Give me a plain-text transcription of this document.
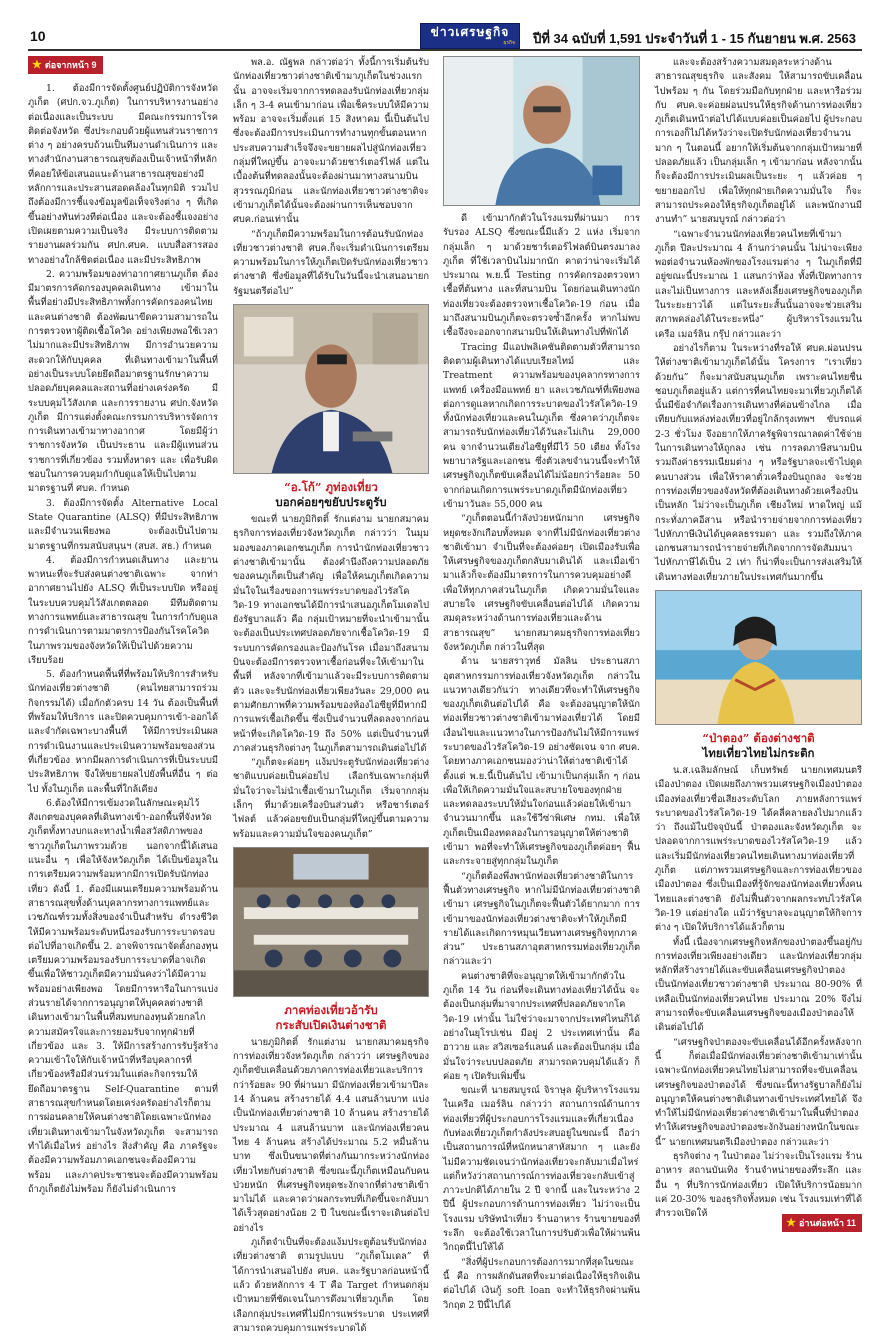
10	ข่าวเศรษฐกิจ
ธุรกิจ ปีที่ 34 ฉบับที่ 1,591 ประจำวันที่ 1 - 15 กันยายน พ.ศ. 2563
★ ต่อจากหน้า 9

1. ต้องมีการจัดตั้งศูนย์ปฏิบัติการจังหวัดภูเก็ต (ศปก.จว.ภูเก็ต) ในการบริหารงานอย่างต่อเนื่องและเป็นระบบ มีคณะกรรมการโรคติดต่อจังหวัด ซึ่งประกอบด้วยผู้แทนส่วนราชการต่าง ๆ อย่างครบถ้วนเป็นทีมงานดำเนินการ และทางสำนักงานสาธารณสุขต้องเป็นเจ้าหน้าที่หลักที่คอยให้ข้อเสนอแนะด้านสาธารณสุขอย่างมีหลักการและประสานสอดคล้องในทุกมิติ รวมไปถึงต้องมีการชี้แจงข้อมูลข้อเท็จจริงต่าง ๆ ที่เกิดขึ้นอย่างทันท่วงทีต่อเนื่อง และจะต้องชี้แจงอย่างเปิดเผยตามความเป็นจริง มีระบบการติดตามรายงานผลร่วมกัน ศปก.ศบค. แบบสื่อสารสองทางอย่างใกล้ชิดต่อเนื่อง และมีประสิทธิภาพ

2. ความพร้อมของท่าอากาศยานภูเก็ต ต้องมีมาตรการคัดกรองบุคคลเดินทาง เข้ามาในพื้นที่อย่างมีประสิทธิภาพทั้งการคัดกรองคนไทยและคนต่างชาติ ต้องพัฒนาขีดความสามารถในการตรวจหาผู้ติดเชื้อโควิด อย่างเพียงพอใช้เวลาไม่มากและมีประสิทธิภาพ มีการอำนวยความสะดวกให้กับบุคคล ที่เดินทางเข้ามาในพื้นที่อย่างเป็นระบบโดยยึดถือมาตรฐานรักษาความปลอดภัยบุคคลและสถานที่อย่างเคร่งครัด มีระบบคุมไว้สังเกต และการรายงาน ศปก.จังหวัดภูเก็ต มีการแต่งตั้งคณะกรรมการบริหารจัดการการเดินทางเข้ามาทางอากาศ โดยมีผู้ว่าราชการจังหวัด เป็นประธาน และมีผู้แทนส่วนราชการที่เกี่ยวข้อง รวมทั้งหาดร และ เพื่อรับผิดชอบในการควบคุมกำกับดูแลให้เป็นไปตามมาตรฐานที่ ศบค. กำหนด

3. ต้องมีการจัดตั้ง Alternative Local State Quarantine (ALSQ) ที่มีประสิทธิภาพและมีจำนวนเพียงพอ จะต้องเป็นไปตามมาตรฐานที่กรมสนับสนุนฯ (สบส. สธ.) กำหนด

4. ต้องมีการกำหนดเส้นทาง และยานพาหนะที่จะรับส่งคนต่างชาติเฉพาะ จากท่าอากาศยานไปยัง ALSQ ที่เป็นระบบปิด หรืออยู่ในระบบควบคุมไว้สังเกตตลอด มีทีมติดตามทางการแพทย์และสาธารณสุข ในการกำกับดูแลการดำเนินการตามมาตรการป้องกันโรคโควิด ในภาพรวมของจังหวัดให้เป็นไปด้วยความเรียบร้อย

5. ต้องกำหนดพื้นที่ที่พร้อมให้บริการสำหรับนักท่องเที่ยวต่างชาติ (คนไทยสามารถร่วมกิจกรรมได้) เมื่อกักตัวครบ 14 วัน ต้องเป็นพื้นที่ที่พร้อมให้บริการ และปิดควบคุมการเข้า-ออกได้ และจำกัดเฉพาะบางพื้นที่ ให้มีการประเมินผลการดำเนินงานและประเมินความพร้อมของส่วนที่เกี่ยวข้อง หากมีผลการดำเนินการที่เป็นระบบมีประสิทธิภาพ จึงให้ขยายผลไปยังพื้นที่อื่น ๆ ต่อไป ทั้งในภูเก็ต และพื้นที่ใกล้เคียง

6.ต้องให้มีการเข้มงวดในลักษณะคุมไว้สังเกตของบุคคลที่เดินทางเข้า-ออกพื้นที่จังหวัดภูเก็ตทั้งทางบกและทางน้ำเพื่อสวัสดิภาพของชาวภูเก็ตในภาพรวมด้วย นอกจากนี้ได้เสนอแนะอื่น ๆ เพื่อให้จังหวัดภูเก็ต ได้เป็นข้อมูลในการเตรียมความพร้อมหากมีการเปิดรับนักท่องเที่ยว ดังนี้ 1. ต้องมีแผนเตรียมความพร้อมด้านสาธารณสุขทั้งด้านบุคลากรทางการแพทย์และเวชภัณฑ์รวมทั้งสิ่งของจำเป็นสำหรับ ดำรงชีวิตให้มีความพร้อมระดับหนึ่งรองรับการระบาดรอบต่อไปที่อาจเกิดขึ้น 2. อาจพิจารณาจัดตั้งกองทุนเตรียมความพร้อมรองรับการระบาดที่อาจเกิดขึ้นเพื่อให้ชาวภูเก็ตมีความมั่นคงว่าได้มีความพร้อมอย่างเพียงพอ โดยมีการหารือในการแบ่งส่วนรายได้จากการอนุญาตให้บุคคลต่างชาติเดินทางเข้ามาในพื้นที่สมทบกองทุนด้วยกลไกความสมัครใจและการยอมรับจากทุกฝ่ายที่เกี่ยวข้อง และ 3. ให้มีการสร้างการรับรู้สร้างความเข้าใจให้กับเจ้าหน้าที่หรือบุคลากรที่เกี่ยวข้องหรือมีส่วนร่วมในแต่ละกิจกรรมให้ยึดถือมาตรฐาน Self-Quarantine ตามที่สาธารณสุขกำหนดโดยเคร่งครัดอย่างไรก็ตาม การผ่อนคลายให้คนต่างชาติโดยเฉพาะนักท่องเที่ยวเดินทางเข้ามาในจังหวัดภูเก็ต จะสามารถทำได้เมื่อไหร่ อย่างไร สิ่งสำคัญ คือ ภาครัฐจะต้องมีความพร้อมภาคเอกชนจะต้องมีความพร้อม และภาคประชาชนจะต้องมีความพร้อม ถ้าภูเก็ตยังไม่พร้อม ก็ยังไม่ดำเนินการ

พล.อ. ณัฐพล กล่าวต่อว่า ทั้งนี้การเริ่มต้นรับนักท่องเที่ยวชาวต่างชาติเข้ามาภูเก็ตในช่วงแรกนั้น อาจจะเริ่มจากการทดลองรับนักท่องเที่ยวกลุ่มเล็ก ๆ 3-4 คนเข้ามาก่อน เพื่อเช็คระบบให้มีความพร้อม อาจจะเริ่มตั้งแต่ 15 สิงหาคม นี้เป็นต้นไป ซึ่งจะต้องมีการประเมินการทำงานทุกขั้นตอนหากประสบความสำเร็จจึงจะขยายผลไปสู่นักท่องเที่ยวกลุ่มที่ใหญ่ขึ้น อาจจะมาด้วยชาร์เตอร์ไฟล์ แต่ในเบื้องต้นที่ทดลองนั้นจะต้องผ่านมาทางสนามบินสุวรรณภูมิก่อน และนักท่องเที่ยวชาวต่างชาติจะเข้ามาภูเก็ตได้นั้นจะต้องผ่านการเห็นชอบจาก ศบค.ก่อนเท่านั้น

“ถ้าภูเก็ตมีความพร้อมในการต้อนรับนักท่องเที่ยวชาวต่างชาติ ศบค.ก็จะเริ่มดำเนินการเตรียมความพร้อมในการให้ภูเก็ตเปิดรับนักท่องเที่ยวชาวต่างชาติ ซึ่งข้อมูลที่ได้รับในวันนี้จะนำเสนอนายกรัฐมนตรีต่อไป”

“อ.โก้” ภูท่องเที่ยว
บอกค่อยๆขยับประตูรับ

ขณะที่ นายภูมิกิตติ์ รักแต่งาม นายกสมาคมธุรกิจการท่องเที่ยวจังหวัดภูเก็ต กล่าวว่า ในมุมมองของภาคเอกชนภูเก็ต การนำนักท่องเที่ยวชาวต่างชาติเข้ามานั้น ต้องคำนึงถึงความปลอดภัยของคนภูเก็ตเป็นสำคัญ เพื่อให้คนภูเก็ตเกิดความมั่นใจในเรื่องของการแพร่ระบาดของไวรัสโควิด-19 ทางเอกชนได้มีการนำเสนอภูเก็ตโมเดลไปยังรัฐบาลแล้ว คือ กลุ่มเป้าหมายที่จะนำเข้ามานั้นจะต้องเป็นประเทศปลอดภัยจากเชื้อโควิด-19 มีระบบการคัดกรองและป้องกันโรค เมื่อมาถึงสนามบินจะต้องมีการตรวจหาเชื้อก่อนที่จะให้เข้ามาในพื้นที่ หลังจากที่เข้ามาแล้วจะมีระบบการติดตามตัว และจะรับนักท่องเที่ยวเพียงวันละ 29,000 คนตามศักยภาพที่ความพร้อมของห้องไอซียูที่มีหากมีการแพร่เชื้อเกิดขึ้น ซึ่งเป็นจำนวนที่ลดลงจากก่อนหน้าที่จะเกิดโควิด-19 ถึง 50% แต่เป็นจำนวนที่ภาคส่วนธุรกิจต่างๆ ในภูเก็ตสามารถเดินต่อไปได้

“ภูเก็ตจะค่อยๆ แง้มประตูรับนักท่องเที่ยวต่างชาติแบบค่อยเป็นค่อยไป เลือกรับเฉพาะกลุ่มที่มั่นใจว่าจะไม่นำเชื้อเข้ามาในภูเก็ต เริ่มจากกลุ่มเล็กๆ ที่มาด้วยเครื่องบินส่วนตัว หรือชาร์เตอร์ไฟลต์ แล้วค่อยขยับเป็นกลุ่มที่ใหญ่ขึ้นตามความพร้อมและความมั่นใจของคนภูเก็ต”

ภาคท่องเที่ยวอ้ารับ
กระสับเปิดเงินต่างชาติ

นายภูมิกิตติ์ รักแต่งาม นายกสมาคมธุรกิจการท่องเที่ยวจังหวัดภูเก็ต กล่าวว่า เศรษฐกิจของภูเก็ตขับเคลื่อนด้วยภาคการท่องเที่ยวและบริการกว่าร้อยละ 90 ที่ผ่านมา มีนักท่องเที่ยวเข้ามาปีละ 14 ล้านคน สร้างรายได้ 4.4 แสนล้านบาท แบ่งเป็นนักท่องเที่ยวต่างชาติ 10 ล้านคน สร้างรายได้ประมาณ 4 แสนล้านบาท และนักท่องเที่ยวคนไทย 4 ล้านคน สร้างได้ประมาณ 5.2 หมื่นล้านบาท ซึ่งเป็นขนาดที่ต่างกันมากระหว่างนักท่องเที่ยวไทยกับต่างชาติ ซึ่งขณะนี้ภูเก็ตเหมือนกับคนป่วยหนัก ที่เศรษฐกิจหยุดชะงักจากที่ต่างชาติเข้ามาไม่ได้ และคาดว่าผลกระทบที่เกิดขึ้นจะกลับมาได้เร็วสุดอย่างน้อย 2 ปี ในขณะนี้เราจะเดินต่อไปอย่างไร

ภูเก็ตจำเป็นที่จะต้องแง้มประตูต้อนรับนักท่องเที่ยวต่างชาติ ตามรูปแบบ “ภูเก็ตโมเดล” ที่ได้การนำเสนอไปยัง ศบค. และรัฐบาลก่อนหน้านี้แล้ว ด้วยหลักการ 4 T คือ Target กำหนดกลุ่มเป้าหมายที่ชัดเจนในการดึงมาเที่ยวภูเก็ต โดยเลือกกลุ่มประเทศที่ไม่มีการแพร่ระบาด ประเทศที่สามารถควบคุมการแพร่ระบาดได้

ดี เข้ามากักตัวในโรงแรมที่ผ่านมา การรับรอง ALSQ ซึ่งขณะนี้มีแล้ว 2 แห่ง เริ่มจากกลุ่มเล็ก ๆ มาด้วยชาร์เตอร์ไฟลต์บินตรงมาลงภูเก็ต ที่ใช้เวลาบินไม่มากนัก คาดว่าน่าจะเริ่มได้ประมาณ พ.ย.นี้ Testing การคัดกรองตรวจหาเชื้อที่ต้นทาง และที่สนามบิน โดยก่อนเดินทางนักท่องเที่ยวจะต้องตรวจหาเชื้อโควิด-19 ก่อน เมื่อมาถึงสนามบินภูเก็ตจะตรวจซ้ำอีกครั้ง หากไม่พบเชื้อจึงจะออกจากสนามบินให้เดินทางไปที่พักได้

Tracing มีแอปพลิเคชันติดตามตัวที่สามารถติดตามผู้เดินทางได้แบบเรียลไทม์ และ Treatment ความพร้อมของบุคลากรทางการแพทย์ เครื่องมือแพทย์ ยา และเวชภัณฑ์ที่เพียงพอต่อการดูแลหากเกิดการระบาดของไวรัสโควิด-19 ทั้งนักท่องเที่ยวและคนในภูเก็ต ซึ่งคาดว่าภูเก็ตจะสามารถรับนักท่องเที่ยวได้วันละไม่เกิน 29,000 คน จากจำนวนเตียงไอซียูที่มีไว้ 50 เตียง ทั้งโรงพยาบาลรัฐและเอกชน ซึ่งตัวเลขจำนวนนี้จะทำให้เศรษฐกิจภูเก็ตขับเคลื่อนได้ไม่น้อยกว่าร้อยละ 50 จากก่อนเกิดการแพร่ระบาดภูเก็ตมีนักท่องเที่ยวเข้ามาวันละ 55,000 คน

“ภูเก็ตตอนนี้กำลังป่วยหนักมาก เศรษฐกิจหยุดชะงักเกือบทั้งหมด จากที่ไม่มีนักท่องเที่ยวต่างชาติเข้ามา จำเป็นที่จะต้องค่อยๆ เปิดเมืองรับเพื่อให้เศรษฐกิจของภูเก็ตกลับมาเดินได้ และเมื่อเข้ามาแล้วก็จะต้องมีมาตรการในการควบคุมอย่างดี เพื่อให้ทุกภาคส่วนในภูเก็ต เกิดความมั่นใจและสบายใจ เศรษฐกิจขับเคลื่อนต่อไปได้ เกิดความสมดุลระหว่างด้านการท่องเที่ยวและด้านสาธารณสุข” นายกสมาคมธุรกิจการท่องเที่ยวจังหวัดภูเก็ต กล่าวในที่สุด

ด้าน นายสราวุทธ์ มัลลิน ประธานสภาอุตสาหกรรมการท่องเที่ยวจังหวัดภูเก็ต กล่าวในแนวทางเดียวกันว่า ทางเดียวที่จะทำให้เศรษฐกิจของภูเก็ตเดินต่อไปได้ คือ จะต้องอนุญาตให้นักท่องเที่ยวชาวต่างชาติเข้ามาท่องเที่ยวได้ โดยมีเงื่อนไขและแนวทางในการป้องกันไม่ให้มีการแพร่ระบาดของไวรัสโควิด-19 อย่างชัดเจน จาก ศบค. โดยทางภาคเอกชนมองว่าน่าให้ต่างชาติเข้าได้ตั้งแต่ พ.ย.นี้เป็นต้นไป เข้ามาเป็นกลุ่มเล็ก ๆ ก่อน เพื่อให้เกิดความมั่นใจและสบายใจของทุกฝ่าย และทดลองระบบให้มั่นใจก่อนแล้วค่อยให้เข้ามาจำนวนมากขึ้น และใช้วีซ่าพิเศษ กทม. เพื่อให้ภูเก็ตเป็นเมืองทดลองในการอนุญาตให้ต่างชาติเข้ามา พอที่จะทำให้เศรษฐกิจของภูเก็ตค่อยๆ ฟื้นและกระจายสู่ทุกกลุ่มในภูเก็ต

“ภูเก็ตต้องพึ่งพานักท่องเที่ยวต่างชาติในการฟื้นตัวทางเศรษฐกิจ หากไม่มีนักท่องเที่ยวต่างชาติเข้ามา เศรษฐกิจในภูเก็ตจะฟื้นตัวได้ยากมาก การเข้ามาของนักท่องเที่ยวต่างชาติจะทำให้ภูเก็ตมีรายได้และเกิดการหมุนเวียนทางเศรษฐกิจทุกภาคส่วน” ประธานสภาอุตสาหกรรมท่องเที่ยวภูเก็ต กล่าวและว่า

คนต่างชาติที่จะอนุญาตให้เข้ามากักตัวในภูเก็ต 14 วัน ก่อนที่จะเดินทางท่องเที่ยวได้นั้น จะต้องเป็นกลุ่มที่มาจากประเทศที่ปลอดภัยจากโควิด-19 เท่านั้น ไม่ใช่ว่าจะมาจากประเทศไหนก็ได้ อย่างในยุโรปเช่น มีอยู่ 2 ประเทศเท่านั้น คือ ฮาวาย และ สวิสเซอร์แลนด์ และต้องเป็นกลุ่ม เมื่อมั่นใจว่าระบบปลอดภัย สามารถควบคุมได้แล้ว ก็ค่อย ๆ เปิดรับเพิ่มขึ้น

ขณะที่ นายสมบูรณ์ จิราษุล ผู้บริหารโรงแรมในเครือ เมอร์ลิน กล่าวว่า สถานการณ์ด้านการท่องเที่ยวที่ผู้ประกอบการโรงแรมและที่เกี่ยวเนื่องกับท่องเที่ยวภูเก็ตกำลังประสบอยู่ในขณะนี้ ถือว่าเป็นสถานการณ์ที่หนักหนาสาหัสมาก ๆ และยังไม่มีความชัดเจนว่านักท่องเที่ยวจะกลับมาเมื่อไหร่ แต่ก็หวังว่าสถานการณ์การท่องเที่ยวจะกลับเข้าสู่ภาวะปกติได้ภายใน 2 ปี จากนี้ และในระหว่าง 2 ปีนี้ ผู้ประกอบการด้านการท่องเที่ยว ไม่ว่าจะเป็นโรงแรม บริษัทนำเที่ยว ร้านอาหาร ร้านขายของที่ระลึก จะต้องใช้เวลาในการปรับตัวเพื่อให้ผ่านพ้นวิกฤตนี้ไปให้ได้

“สิ่งที่ผู้ประกอบการต้องการมากที่สุดในขณะนี้ คือ การผลักดันสดที่จะมาต่อเนื่องให้ธุรกิจเดินต่อไปได้ เงินกู้ soft loan จะทำให้ธุรกิจผ่านพ้นวิกฤต 2 ปีนี้ไปได้

และจะต้องสร้างความสมดุลระหว่างด้านสาธารณสุขธุรกิจ และสังคม ให้สามารถขับเคลื่อนไปพร้อม ๆ กัน โดยร่วมมือกับทุกฝ่าย และหารือร่วมกับ ศบค.จะค่อยผ่อนปรนให้ธุรกิจด้านการท่องเที่ยวภูเก็ตเดินหน้าต่อไปได้แบบค่อยเป็นค่อยไป ผู้ประกอบการเองก็ไม่ได้หวังว่าจะเปิดรับนักท่องเที่ยวจำนวนมาก ๆ ในตอนนี้ อยากให้เริ่มต้นจากกลุ่มเป้าหมายที่ปลอดภัยแล้ว เป็นกลุ่มเล็ก ๆ เข้ามาก่อน หลังจากนั้นก็จะต้องมีการประเมินผลเป็นระยะ ๆ แล้วค่อย ๆ ขยายออกไป เพื่อให้ทุกฝ่ายเกิดความมั่นใจ ก็จะสามารถประคองให้ธุรกิจภูเก็ตอยู่ได้ และพนักงานมีงานทำ” นายสมบูรณ์ กล่าวต่อว่า

“เฉพาะจำนวนนักท่องเที่ยวคนไทยที่เข้ามาภูเก็ต ปีละประมาณ 4 ล้านกว่าคนนั้น ไม่น่าจะเพียงพอต่อจำนวนห้องพักของโรงแรมต่าง ๆ ในภูเก็ตที่มีอยู่ขณะนี้ประมาณ 1 แสนกว่าห้อง ทั้งที่เปิดทางการและไม่เป็นทางการ และหลังเลี้ยงเศรษฐกิจของภูเก็ตในระยะยาวได้ แต่ในระยะสั้นนั้นอาจจะช่วยเสริมสภาพคล่องได้ในระยะหนึ่ง” ผู้บริหารโรงแรมในเครือ เมอร์ลิน กรุ๊ป กล่าวและว่า

อย่างไรก็ตาม ในระหว่างที่รอให้ ศบค.ผ่อนปรนให้ต่างชาติเข้ามาภูเก็ตได้นั้น โครงการ “เราเที่ยวด้วยกัน” ก็จะมาสนับสนุนภูเก็ต เพราะคนไทยชื่นชอบภูเก็ตอยู่แล้ว แต่การที่คนไทยจะมาเที่ยวภูเก็ตได้นั้นมีข้อจำกัดเรื่องการเดินทางที่ค่อนข้างไกล เมื่อเทียบกับแหล่งท่องเที่ยวที่อยู่ใกล้กรุงเทพฯ ขับรถแค่ 2-3 ชั่วโมง จึงอยากให้ภาครัฐพิจารณาลดค่าใช้จ่ายในการเดินทางให้ถูกลง เช่น การลดภาษีสนามบิน รวมถึงค่าธรรมเนียมต่าง ๆ หรือรัฐบาลจะเข้าไปดูดคนบางส่วน เพื่อให้ราคาตั๋วเครื่องบินถูกลง จะช่วยการท่องเที่ยวของจังหวัดที่ต้องเดินทางด้วยเครื่องบินเป็นหลัก ไม่ว่าจะเป็นภูเก็ต เชียงใหม่ หาดใหญ่ แม้กระทั่งภาคอีสาน หรือนำรายจ่ายจากการท่องเที่ยวไปหักภาษีเงินได้บุคคลธรรมดา และ รวมถึงให้ภาคเอกชนสามารถนำรายจ่ายที่เกิดจากการจัดสัมมนาไปหักภาษีได้เป็น 2 เท่า ก็น่าที่จะเป็นการส่งเสริมให้เดินทางท่องเที่ยวภายในประเทศกันมากขึ้น

“ป่าตอง” ต้องต่างชาติ
ไทยเที่ยวไทยไม่กระติก

น.ส.เฉลิมลักษณ์ เก็บทรัพย์ นายกเทศมนตรีเมืองป่าตอง เปิดเผยถึงภาพรวมเศรษฐกิจเมืองป่าตอง เมืองท่องเที่ยวชื่อเสียงระดับโลก ภายหลังการแพร่ระบาดของไวรัสโควิด-19 ได้คลี่คลายลงไปมากแล้วว่า ถึงแม้ในปัจจุบันนี้ ป่าตองและจังหวัดภูเก็ต จะปลอดจากการแพร่ระบาดของไวรัสโควิด-19 แล้ว และเริ่มมีนักท่องเที่ยวคนไทยเดินทางมาท่องเที่ยวที่ภูเก็ต แต่ภาพรวมเศรษฐกิจและการท่องเที่ยวของเมืองป่าตอง ซึ่งเป็นเมืองที่รู้จักของนักท่องเที่ยวทั้งคนไทยและต่างชาติ ยังไม่ฟื้นตัวจากผลกระทบไวรัสโควิด-19 แต่อย่างใด แม้ว่ารัฐบาลจะอนุญาตให้กิจการต่าง ๆ เปิดให้บริการได้แล้วก็ตาม

ทั้งนี้ เนื่องจากเศรษฐกิจหลักของป่าตองขึ้นอยู่กับการท่องเที่ยวเพียงอย่างเดียว และนักท่องเที่ยวกลุ่มหลักที่สร้างรายได้และขับเคลื่อนเศรษฐกิจป่าตอง เป็นนักท่องเที่ยวชาวต่างชาติ ประมาณ 80-90% ที่เหลือเป็นนักท่องเที่ยวคนไทย ประมาณ 20% จึงไม่สามารถที่จะขับเคลื่อนเศรษฐกิจของเมืองป่าตองให้เดินต่อไปได้

“เศรษฐกิจป่าตองจะขับเคลื่อนได้อีกครั้งหลังจากนี้ ก็ต่อเมื่อมีนักท่องเที่ยวต่างชาติเข้ามาเท่านั้น เฉพาะนักท่องเที่ยวคนไทยไม่สามารถที่จะขับเคลื่อนเศรษฐกิจของป่าตองได้ ซึ่งขณะนี้ทางรัฐบาลก็ยังไม่อนุญาตให้คนต่างชาติเดินทางเข้าประเทศไทยได้ จึงทำให้ไม่มีนักท่องเที่ยวต่างชาติเข้ามาในพื้นที่ป่าตอง ทำให้เศรษฐกิจของป่าตองชะงักงันอย่างหนักในขณะนี้” นายกเทศมนตรีเมืองป่าตอง กล่าวและว่า

ธุรกิจต่าง ๆ ในป่าตอง ไม่ว่าจะเป็นโรงแรม ร้านอาหาร สถานบันเทิง ร้านจำหน่ายของที่ระลึก และอื่น ๆ ที่บริการนักท่องเที่ยว เปิดให้บริการน้อยมาก แค่ 20-30% ของธุรกิจทั้งหมด เช่น โรงแรมเท่าที่ได้สำรวจเปิดให้

★ อ่านต่อหน้า 11
